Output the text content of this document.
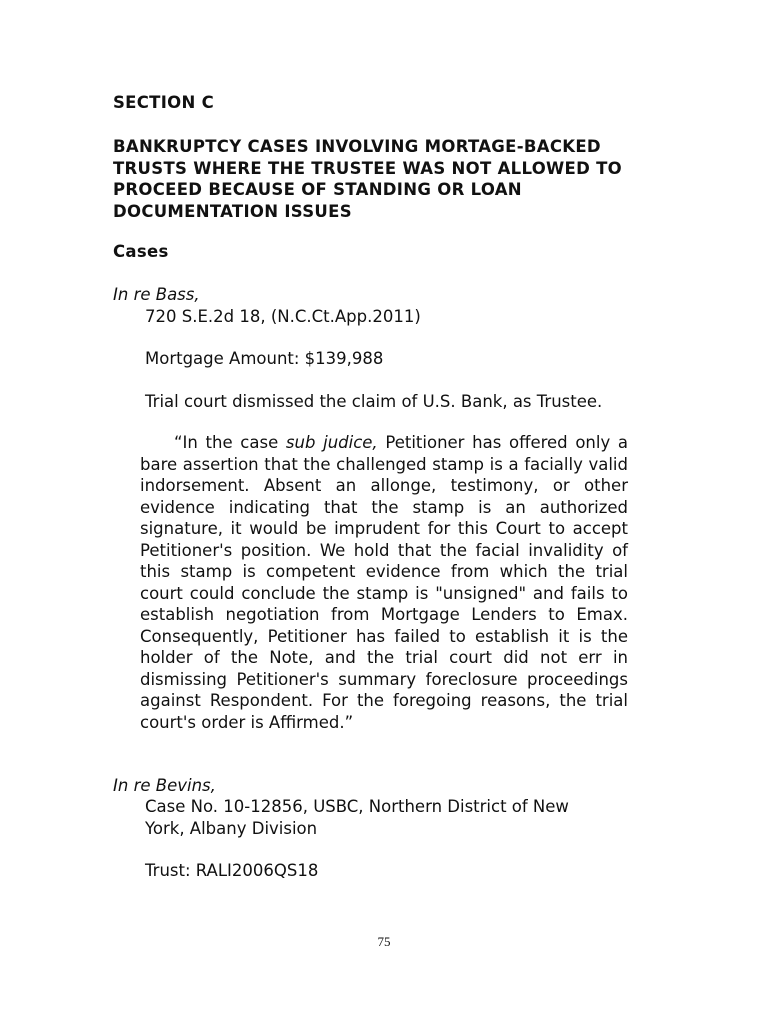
SECTION C
BANKRUPTCY CASES INVOLVING MORTAGE-BACKED
TRUSTS WHERE THE TRUSTEE WAS NOT ALLOWED TO
PROCEED BECAUSE OF STANDING OR LOAN
DOCUMENTATION ISSUES
Cases
In re Bass,
720 S.E.2d 18, (N.C.Ct.App.2011)
Mortgage Amount: $139,988
Trial court dismissed the claim of U.S. Bank, as Trustee.
“In the case sub judice, Petitioner has offered only a bare assertion that the challenged stamp is a facially valid indorsement. Absent an allonge, testimony, or other evidence indicating that the stamp is an authorized signature, it would be imprudent for this Court to accept Petitioner's position. We hold that the facial invalidity of this stamp is competent evidence from which the trial court could conclude the stamp is "unsigned" and fails to establish negotiation from Mortgage Lenders to Emax. Consequently, Petitioner has failed to establish it is the holder of the Note, and the trial court did not err in dismissing Petitioner's summary foreclosure proceedings against Respondent. For the foregoing reasons, the trial court's order is Affirmed.”
In re Bevins,
Case No. 10-12856, USBC, Northern District of New
York, Albany Division
Trust: RALI2006QS18
75
